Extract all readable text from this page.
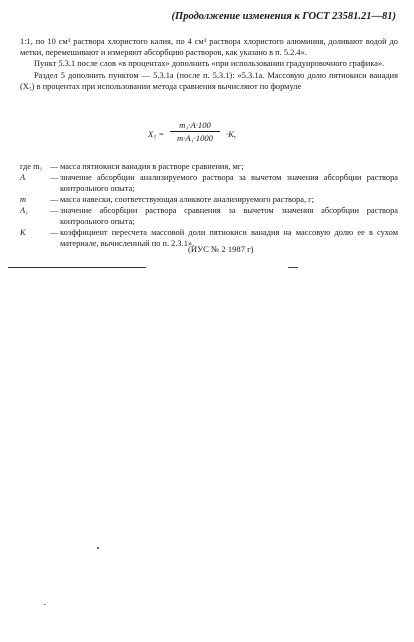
(Продолжение изменения к ГОСТ 23581.21—81)

1:1, по 10 см³ раствора хлористого калия, по 4 см³ раствора хлористого алюминия, доливают водой до метки, перемешивают и измеряют абсорбцию растворов, как указано в п. 5.2.4».

Пункт 5.3.1 после слов «в процентах» дополнить «при использовании градуировочного графика».

Раздел 5 дополнить пунктом — 5.3.1а (после п. 5.3.1): «5.3.1а. Массовую долю пятиокиси ванадия (X₅) в процентах при использовании метода сравнения вычисляют по формуле

$X_5 = \frac{\text{m₁·A·100}}{\text{m·A₁·1000}} \cdot K$,
где m₁ — масса пятиокиси ванадия в растворе сравнения, мг;
A	— значение абсорбции анализируемого раствора за вычетом значения абсорбции раствора контрольного опыта;
m	— масса навески, соответствующая аликвоте анализируемого раствора, г;
A₁	— значение абсорбции раствора сравнения за вычетом значения абсорбции раствора контрольного опыта;
K	— коэффициент пересчета массовой доли пятиокиси ванадия на массовую долю ее в сухом материале, вычисленный по п. 2.3.1».
(ИУС № 2 1987 г)
